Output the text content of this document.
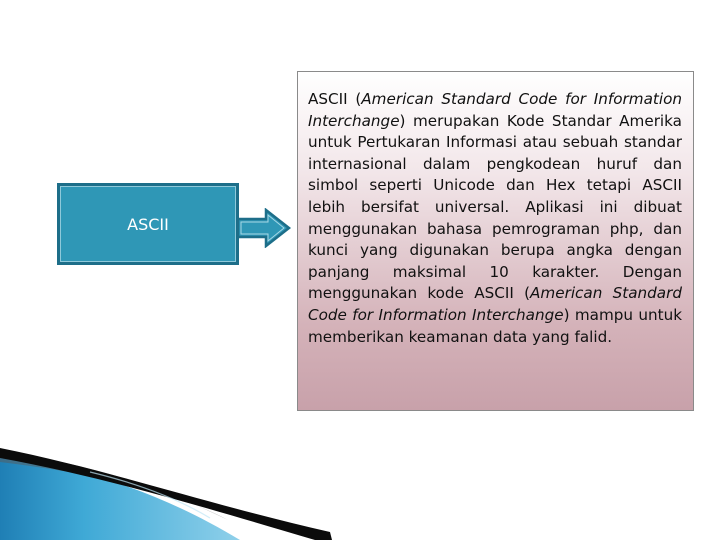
ASCII
ASCII (American Standard Code for Information Interchange) merupakan Kode Standar Amerika untuk Pertukaran Informasi atau sebuah standar internasional dalam pengkodean huruf dan simbol seperti Unicode dan Hex tetapi ASCII lebih bersifat universal. Aplikasi ini dibuat menggunakan bahasa pemrograman php, dan kunci yang digunakan berupa angka dengan panjang maksimal 10 karakter. Dengan menggunakan kode ASCII (American Standard Code for Information Interchange) mampu untuk memberikan keamanan data yang falid.
